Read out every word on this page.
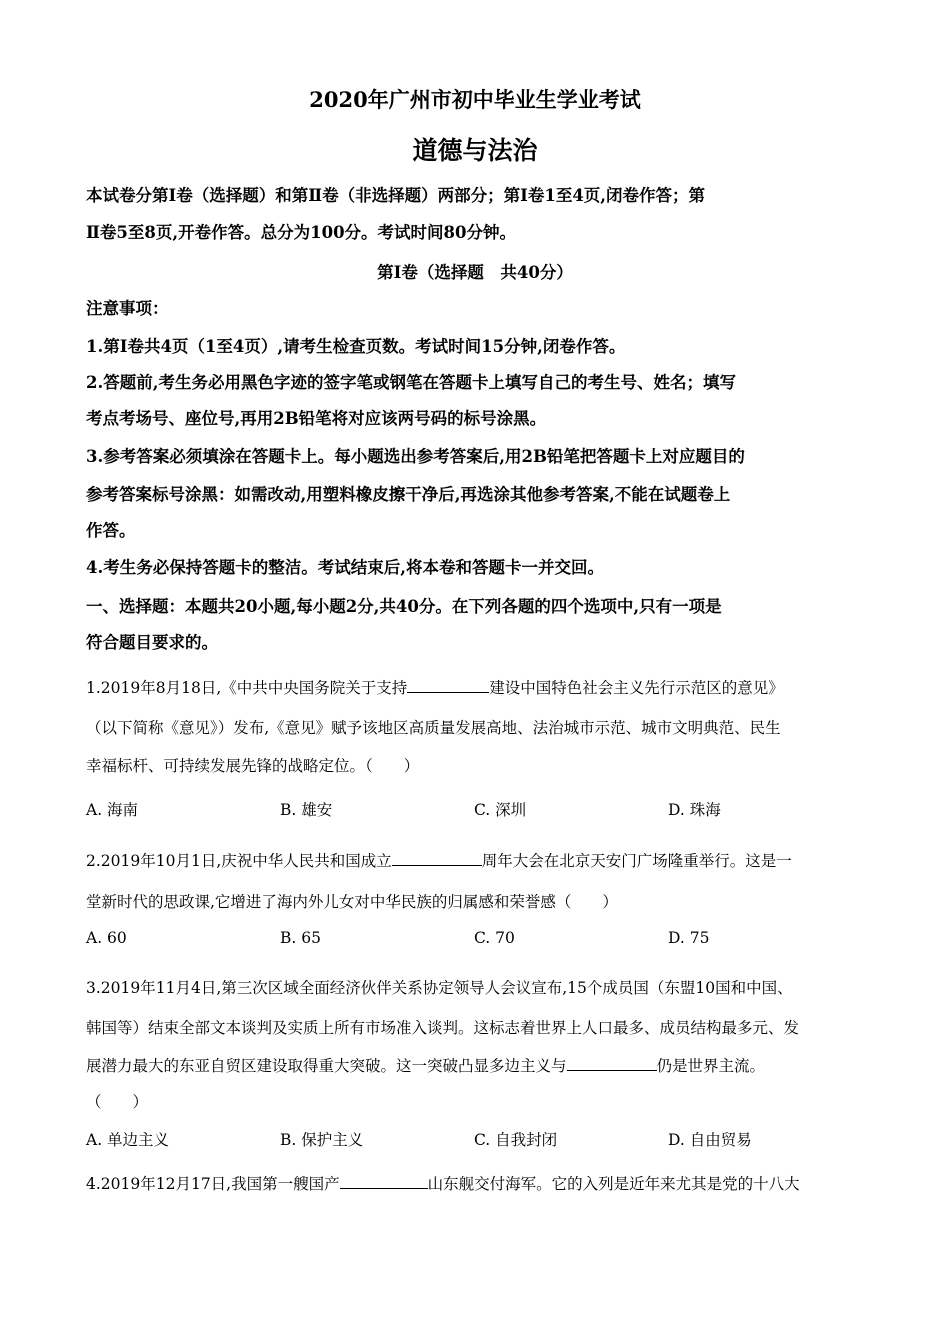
2020年广州市初中毕业生学业考试
道德与法治
本试卷分第Ⅰ卷（选择题）和第Ⅱ卷（非选择题）两部分；第Ⅰ卷1至4页,闭卷作答；第
Ⅱ卷5至8页,开卷作答。总分为100分。考试时间80分钟。
第Ⅰ卷（选择题　共40分）
注意事项：
1.第Ⅰ卷共4页（1至4页）,请考生检查页数。考试时间15分钟,闭卷作答。
2.答题前,考生务必用黑色字迹的签字笔或钢笔在答题卡上填写自己的考生号、姓名；填写
考点考场号、座位号,再用2B铅笔将对应该两号码的标号涂黑。
3.参考答案必须填涂在答题卡上。每小题选出参考答案后,用2B铅笔把答题卡上对应题目的
参考答案标号涂黑：如需改动,用塑料橡皮擦干净后,再选涂其他参考答案,不能在试题卷上
作答。
4.考生务必保持答题卡的整洁。考试结束后,将本卷和答题卡一并交回。
一、选择题：本题共20小题,每小题2分,共40分。在下列各题的四个选项中,只有一项是
符合题目要求的。
1.2019年8月18日,《中共中央国务院关于支持	建设中国特色社会主义先行示范区的意见》
（以下简称《意见》）发布,《意见》赋予该地区高质量发展高地、法治城市示范、城市文明典范、民生
幸福标杆、可持续发展先锋的战略定位。（　　）
A. 海南	B. 雄安	C. 深圳	D. 珠海
2.2019年10月1日,庆祝中华人民共和国成立	周年大会在北京天安门广场隆重举行。这是一
堂新时代的思政课,它增进了海内外儿女对中华民族的归属感和荣誉感（　　）
A. 60	B. 65	C. 70	D. 75
3.2019年11月4日,第三次区域全面经济伙伴关系协定领导人会议宣布,15个成员国（东盟10国和中国、
韩国等）结束全部文本谈判及实质上所有市场准入谈判。这标志着世界上人口最多、成员结构最多元、发
展潜力最大的东亚自贸区建设取得重大突破。这一突破凸显多边主义与	仍是世界主流。
（　　）
A. 单边主义	B. 保护主义	C. 自我封闭	D. 自由贸易
4.2019年12月17日,我国第一艘国产	山东舰交付海军。它的入列是近年来尤其是党的十八大
